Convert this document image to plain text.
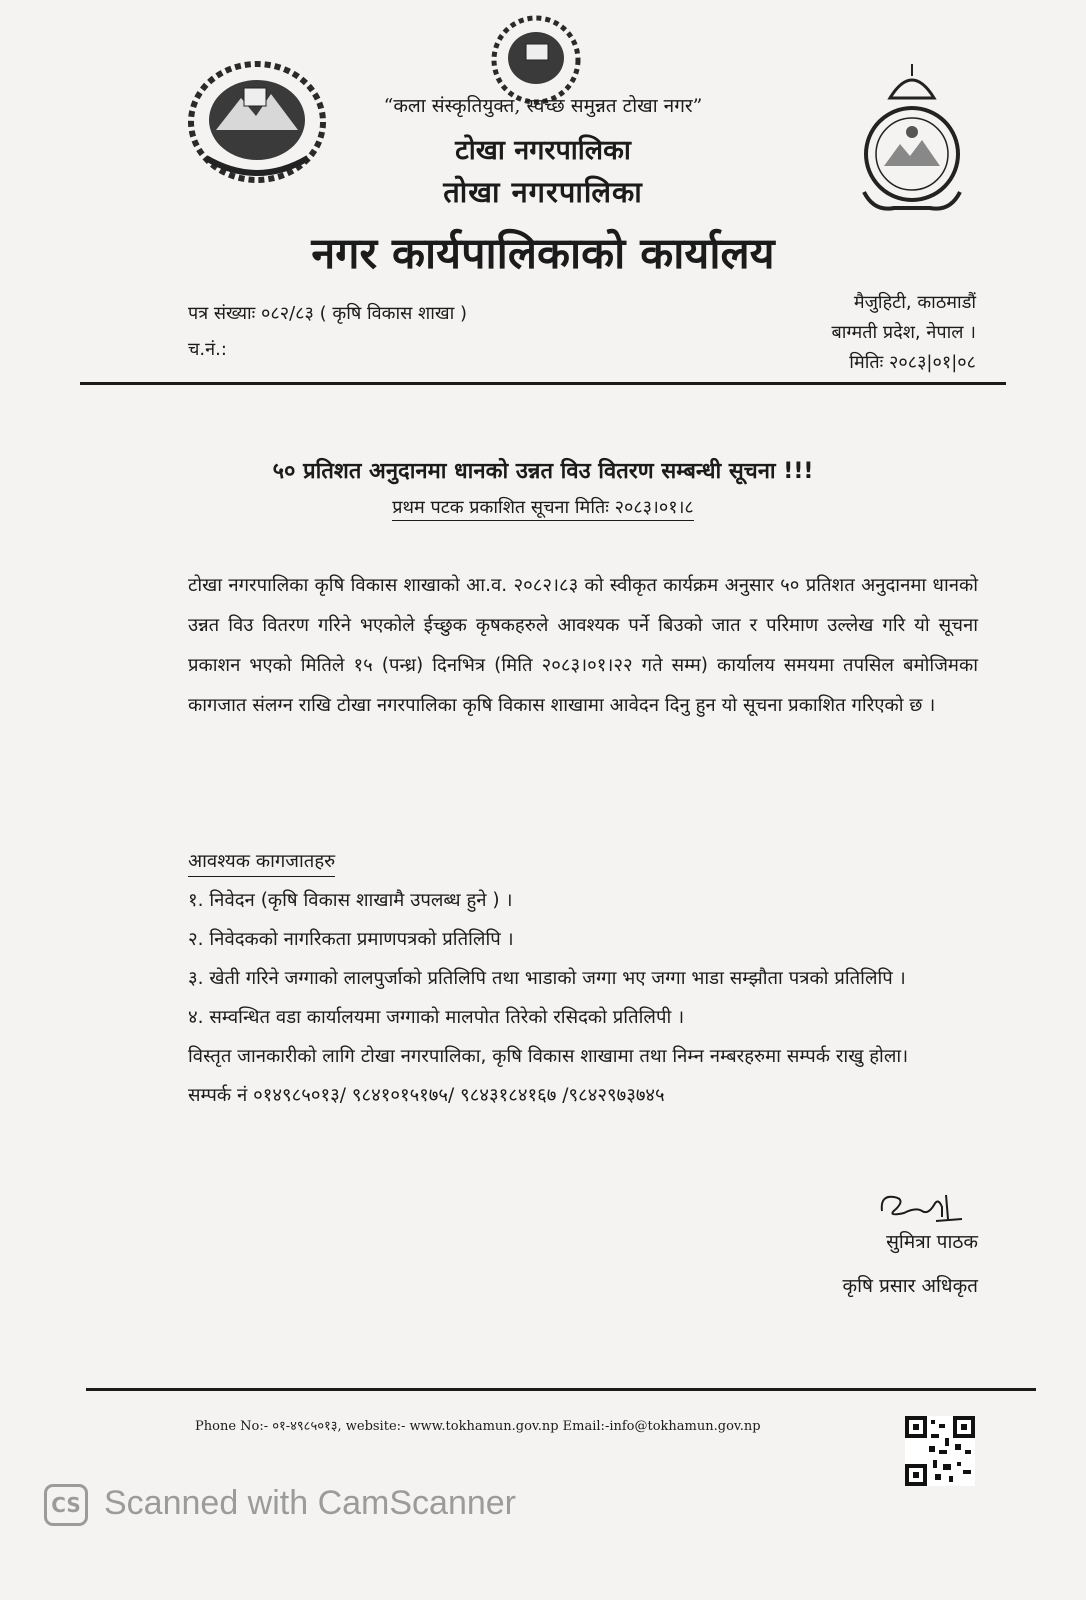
“कला संस्कृतियुक्त, स्वच्छ समुन्नत टोखा नगर”
टोखा नगरपालिका
तोखा नगरपालिका
नगर कार्यपालिकाको कार्यालय
पत्र संख्याः ०८२/८३ ( कृषि विकास शाखा )
च.नं.:
मैजुहिटी, काठमाडौं
बाग्मती प्रदेश, नेपाल ।
मितिः २०८३|०१|०८
५० प्रतिशत अनुदानमा धानको उन्नत विउ वितरण सम्बन्धी सूचना !!!
प्रथम पटक प्रकाशित सूचना मितिः २०८३।०१।८
टोखा नगरपालिका कृषि विकास शाखाको आ.व. २०८२।८३ को स्वीकृत कार्यक्रम अनुसार ५० प्रतिशत अनुदानमा धानको उन्नत विउ वितरण गरिने भएकोले ईच्छुक कृषकहरुले आवश्यक पर्ने बिउको जात र परिमाण उल्लेख गरि यो सूचना प्रकाशन भएको मितिले १५ (पन्ध्र) दिनभित्र (मिति २०८३।०१।२२ गते सम्म) कार्यालय समयमा तपसिल बमोजिमका कागजात संलग्न राखि टोखा नगरपालिका कृषि विकास शाखामा आवेदन दिनु हुन यो सूचना प्रकाशित गरिएको छ ।
आवश्यक कागजातहरु
१. निवेदन (कृषि विकास शाखामै उपलब्ध हुने ) ।
२. निवेदकको नागरिकता प्रमाणपत्रको प्रतिलिपि ।
३. खेती गरिने जग्गाको लालपुर्जाको प्रतिलिपि तथा भाडाको जग्गा भए जग्गा भाडा सम्झौता पत्रको प्रतिलिपि ।
४. सम्वन्धित वडा कार्यालयमा जग्गाको मालपोत तिरेको रसिदको प्रतिलिपी ।
विस्तृत जानकारीको लागि टोखा नगरपालिका, कृषि विकास शाखामा तथा निम्न नम्बरहरुमा सम्पर्क राखु होला।
सम्पर्क नं ०१४९८५०१३/ ९८४१०१५१७५/ ९८४३१८४१६७ /९८४२९७३७४५
सुमित्रा पाठक
कृषि प्रसार अधिकृत
Phone No:- ०१-४९८५०१३, website:- www.tokhamun.gov.np Email:-info@tokhamun.gov.np
CS Scanned with CamScanner
